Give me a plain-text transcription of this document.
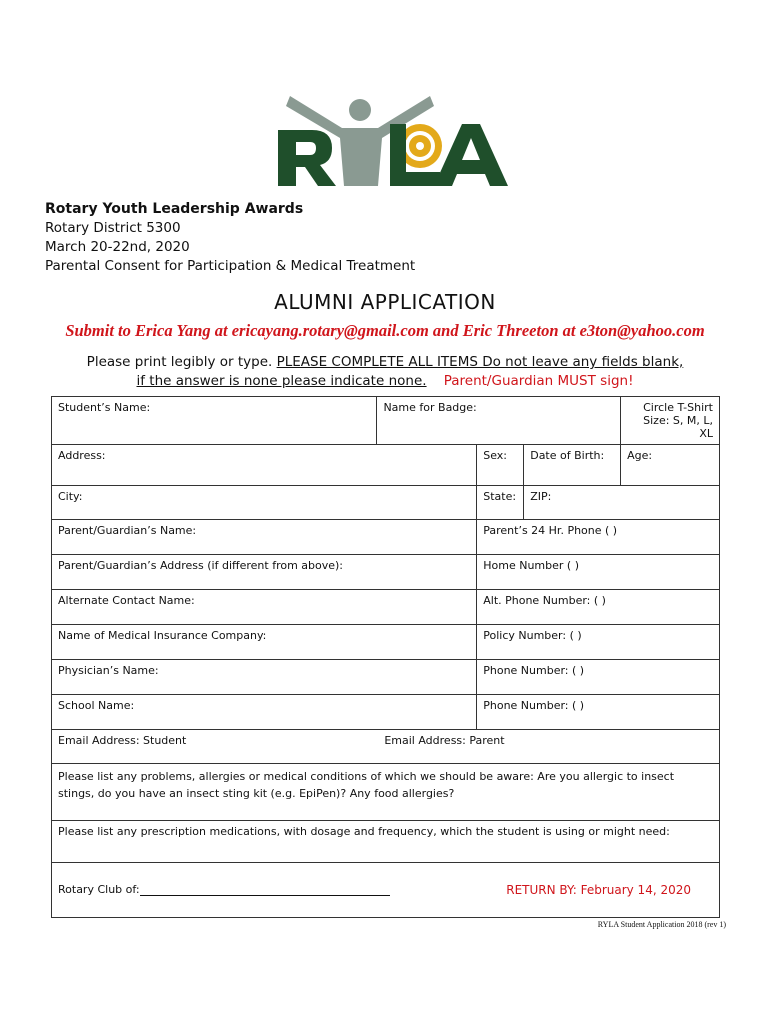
Rotary Youth Leadership Awards
Rotary District 5300
March 20-22nd, 2020
Parental Consent for Participation & Medical Treatment
ALUMNI APPLICATION
Submit to Erica Yang at ericayang.rotary@gmail.com and Eric Threeton at e3ton@yahoo.com
Please print legibly or type. PLEASE COMPLETE ALL ITEMS Do not leave any fields blank,
if the answer is none please indicate none. Parent/Guardian MUST sign!
Student’s Name:	Name for Badge:			Circle T-Shirt
Size: S, M, L, XL

Address:		Sex:	Date of Birth:	Age:
City:		State:	ZIP:	
Parent/Guardian’s Name:		Parent’s 24 Hr. Phone ( )		
Parent/Guardian’s Address (if different from above):		Home Number ( )		
Alternate Contact Name:		Alt. Phone Number: ( )		
Name of Medical Insurance Company:		Policy Number: ( )		
Physician’s Name:		Phone Number: ( )		
School Name:		Phone Number: ( )		
Email Address: Student Email Address: Parent				
Please list any problems, allergies or medical conditions of which we should be aware: Are you allergic to insect stings, do you have an insect sting kit (e.g. EpiPen)? Any food allergies?				
Please list any prescription medications, with dosage and frequency, which the student is using or might need:				
Rotary Club of: RETURN BY: February 14, 2020				
RYLA Student Application 2018 (rev 1)
